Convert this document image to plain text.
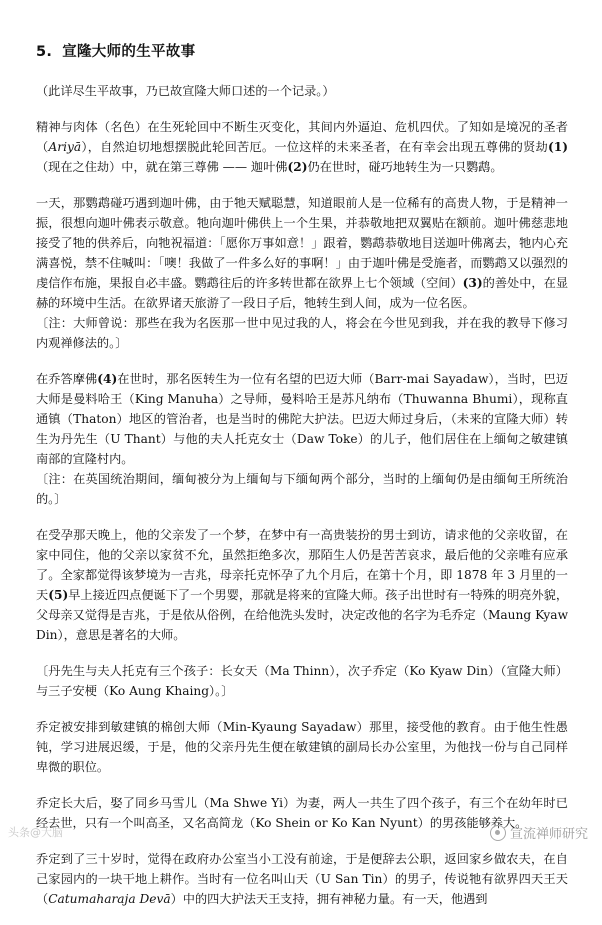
5. 宣隆大师的生平故事

（此详尽生平故事，乃已故宣隆大师口述的一个记录。）

精神与肉体（名色）在生死轮回中不断生灭变化，其间内外逼迫、危机四伏。了知如是境况的圣者（Ariyā），自然迫切地想摆脱此轮回苦厄。一位这样的未来圣者，在有幸会出现五尊佛的贤劫(1)（现在之住劫）中，就在第三尊佛 —— 迦叶佛(2)仍在世时，碰巧地转生为一只鹦鹉。

一天，那鹦鹉碰巧遇到迦叶佛，由于牠天赋聪慧，知道眼前人是一位稀有的高贵人物，于是精神一振，很想向迦叶佛表示敬意。牠向迦叶佛供上一个生果，并恭敬地把双翼贴在额前。迦叶佛慈悲地接受了牠的供养后，向牠祝福道：「愿你万事如意！」跟着，鹦鹉恭敬地目送迦叶佛离去，牠内心充满喜悦，禁不住喊叫：「噢！我做了一件多么好的事啊！」由于迦叶佛是受施者，而鹦鹉又以强烈的虔信作布施，果报自必丰盛。鹦鹉往后的许多转世都在欲界上七个领域（空间）(3)的善处中，在显赫的环境中生活。在欲界诸天旅游了一段日子后，牠转生到人间，成为一位名医。

〔注：大师曾说：那些在我为名医那一世中见过我的人，将会在今世见到我，并在我的教导下修习内观禅修法的。〕

在乔答摩佛(4)在世时，那名医转生为一位有名望的巴迈大师（Barr-mai Sayadaw），当时，巴迈大师是曼料哈王（King Manuha）之导师，曼料哈王是苏凡纳布（Thuwanna Bhumi），现称直通镇（Thaton）地区的管治者，也是当时的佛陀大护法。巴迈大师过身后，（未来的宣隆大师）转生为丹先生（U Thant）与他的夫人托克女士（Daw Toke）的儿子，他们居住在上缅甸之敏建镇南部的宣隆村内。

〔注：在英国统治期间，缅甸被分为上缅甸与下缅甸两个部分，当时的上缅甸仍是由缅甸王所统治的。〕

在受孕那天晚上，他的父亲发了一个梦，在梦中有一高贵装扮的男士到访，请求他的父亲收留，在家中同住，他的父亲以家贫不允，虽然拒绝多次，那陌生人仍是苦苦哀求，最后他的父亲唯有应承了。全家都觉得该梦境为一吉兆，母亲托克怀孕了九个月后，在第十个月，即 1878 年 3 月里的一天(5)早上接近四点便诞下了一个男婴，那就是将来的宣隆大师。孩子出世时有一特殊的明亮外貌，父母亲又觉得是吉兆，于是依从俗例，在给他洗头发时，决定改他的名字为毛乔定（Maung Kyaw Din），意思是著名的大师。

〔丹先生与夫人托克有三个孩子：长女天（Ma Thinn），次子乔定（Ko Kyaw Din）（宣隆大师）与三子安梗（Ko Aung Khaing）。〕

乔定被安排到敏建镇的棉创大师（Min-Kyaung Sayadaw）那里，接受他的教育。由于他生性愚钝，学习进展迟缓，于是，他的父亲丹先生便在敏建镇的副局长办公室里，为他找一份与自己同样卑微的职位。

乔定长大后，娶了同乡马雪儿（Ma Shwe Yi）为妻，两人一共生了四个孩子，有三个在幼年时已经去世，只有一个叫高圣，又名高简龙（Ko Shein or Ko Kan Nyunt）的男孩能够养大。

乔定到了三十岁时，觉得在政府办公室当小工没有前途，于是便辞去公职，返回家乡做农夫，在自己家园内的一块干地上耕作。当时有一位名叫山天（U San Tin）的男子，传说牠有欲界四天王天（Catumaharaja Devā）中的四大护法天王支持，拥有神秘力量。有一天，他遇到

头条@大脑	宣流禅师研究
